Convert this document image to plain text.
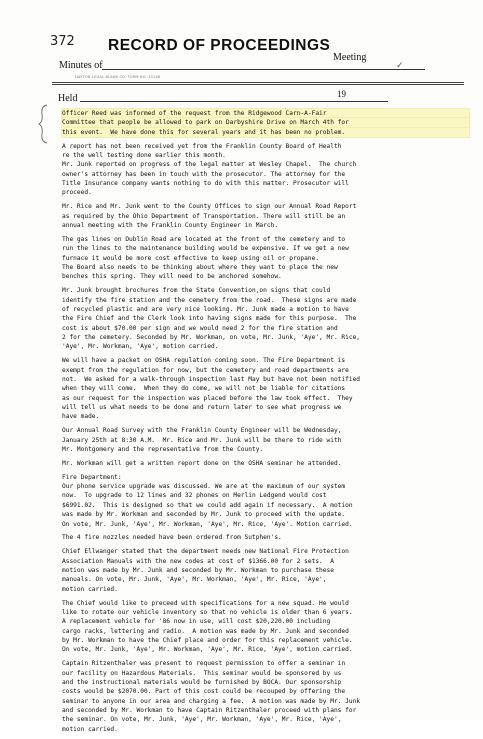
372 RECORD OF PROCEEDINGS
Meeting
Minutes of	✓
DAYTON LEGAL BLANK CO. FORM NO. 10148
Held	19
Officer Reed was informed of the request from the Ridgewood Carn-A-Fair
Committee that people be allowed to park on Darbyshire Drive on March 4th for
this event.  We have done this for several years and it has been no problem.
A report has not been received yet from the Franklin County Board of Health
re the well testing done earlier this month.
Mr. Junk reported on progress of the legal matter at Wesley Chapel.  The church
owner's attorney has been in touch with the prosecutor. The attorney for the
Title Insurance company wants nothing to do with this matter. Prosecutor will
proceed.
Mr. Rice and Mr. Junk went to the County Offices to sign our Annual Road Report
as required by the Ohio Department of Transportation. There will still be an
annual meeting with the Franklin County Engineer in March.
The gas lines on Dublin Road are located at the front of the cemetery and to
run the lines to the maintenance building would be expensive. If we get a new
furnace it would be more cost effective to keep using oil or propane.
The Board also needs to be thinking about where they want to place the new
benches this spring. They will need to be anchored somehow.
Mr. Junk brought brochures from the State Convention,on signs that could
identify the fire station and the cemetery from the road.  These signs are made
of recycled plastic and are very nice looking. Mr. Junk made a motion to have
the Fire Chief and the Clerk look into having signs made for this purpose.  The
cost is about $70.00 per sign and we would need 2 for the fire station and
2 for the cemetery. Seconded by Mr. Workman, on vote, Mr. Junk, 'Aye', Mr. Rice,
'Aye', Mr. Workman, 'Aye', motion carried.
We will have a packet on OSHA regulation coming soon. The Fire Department is
exempt from the regulation for now, but the cemetery and road departments are
not.  We asked for a walk-through inspection last May but have not been notified
when they will come.  When they do come, we will not be liable for citations
as our request for the inspection was placed before the law took effect.  They
will tell us what needs to be done and return later to see what progress we
have made.
Our Annual Road Survey with the Franklin County Engineer will be Wednesday,
January 25th at 8:30 A.M.  Mr. Rice and Mr. Junk will be there to ride with
Mr. Montgomery and the representative from the County.
Mr. Workman will get a written report done on the OSHA seminar he attended.
Fire Department:
Our phone service upgrade was discussed. We are at the maximum of our system
now.  To upgrade to 12 lines and 32 phones on Merlin Ledgend would cost
$6991.02.  This is designed so that we could add again if necessary.  A motion
was made by Mr. Workman and seconded by Mr. Junk to proceed with the update.
On vote, Mr. Junk, 'Aye', Mr. Workman, 'Aye', Mr. Rice, 'Aye'. Motion carried.
The 4 fire nozzles needed have been ordered from Sutphen's.
Chief Ellwanger stated that the department needs new National Fire Protection
Association Manuals with the new codes at cost of $1366.00 for 2 sets.  A
motion was made by Mr. Junk and seconded by Mr. Workman to purchase these
manuals. On vote, Mr. Junk, 'Aye', Mr. Workman, 'Aye', Mr. Rice, 'Aye',
motion carried.
The Chief would like to preceed with specifications for a new squad. He would
like to rotate our vehicle inventory so that no vehicle is older than 6 years.
A replacement vehicle for '86 now in use, will cost $20,220.00 including
cargo racks, lettering and radio.  A motion was made by Mr. Junk and seconded
by Mr. Workman to have the Chief place and order for this replacement vehicle.
On vote, Mr. Junk, 'Aye', Mr. Workman, 'Aye', Mr. Rice, 'Aye', motion carried.
Captain Ritzenthaler was present to request permission to offer a seminar in
our facility on Hazardous Materials.  This seminar would be sponsored by us
and the instructional materials would be furnished by BOCA. Our sponsorship
costs would be $2070.00. Part of this cost could be recouped by offering the
seminar to anyone in our area and charging a fee.  A motion was made by Mr. Junk
and seconded by Mr. Workman to have Captain Ritzenthaler proceed with plans for
the seminar. On vote, Mr. Junk, 'Aye', Mr. Workman, 'Aye', Mr. Rice, 'Aye',
motion carried.
